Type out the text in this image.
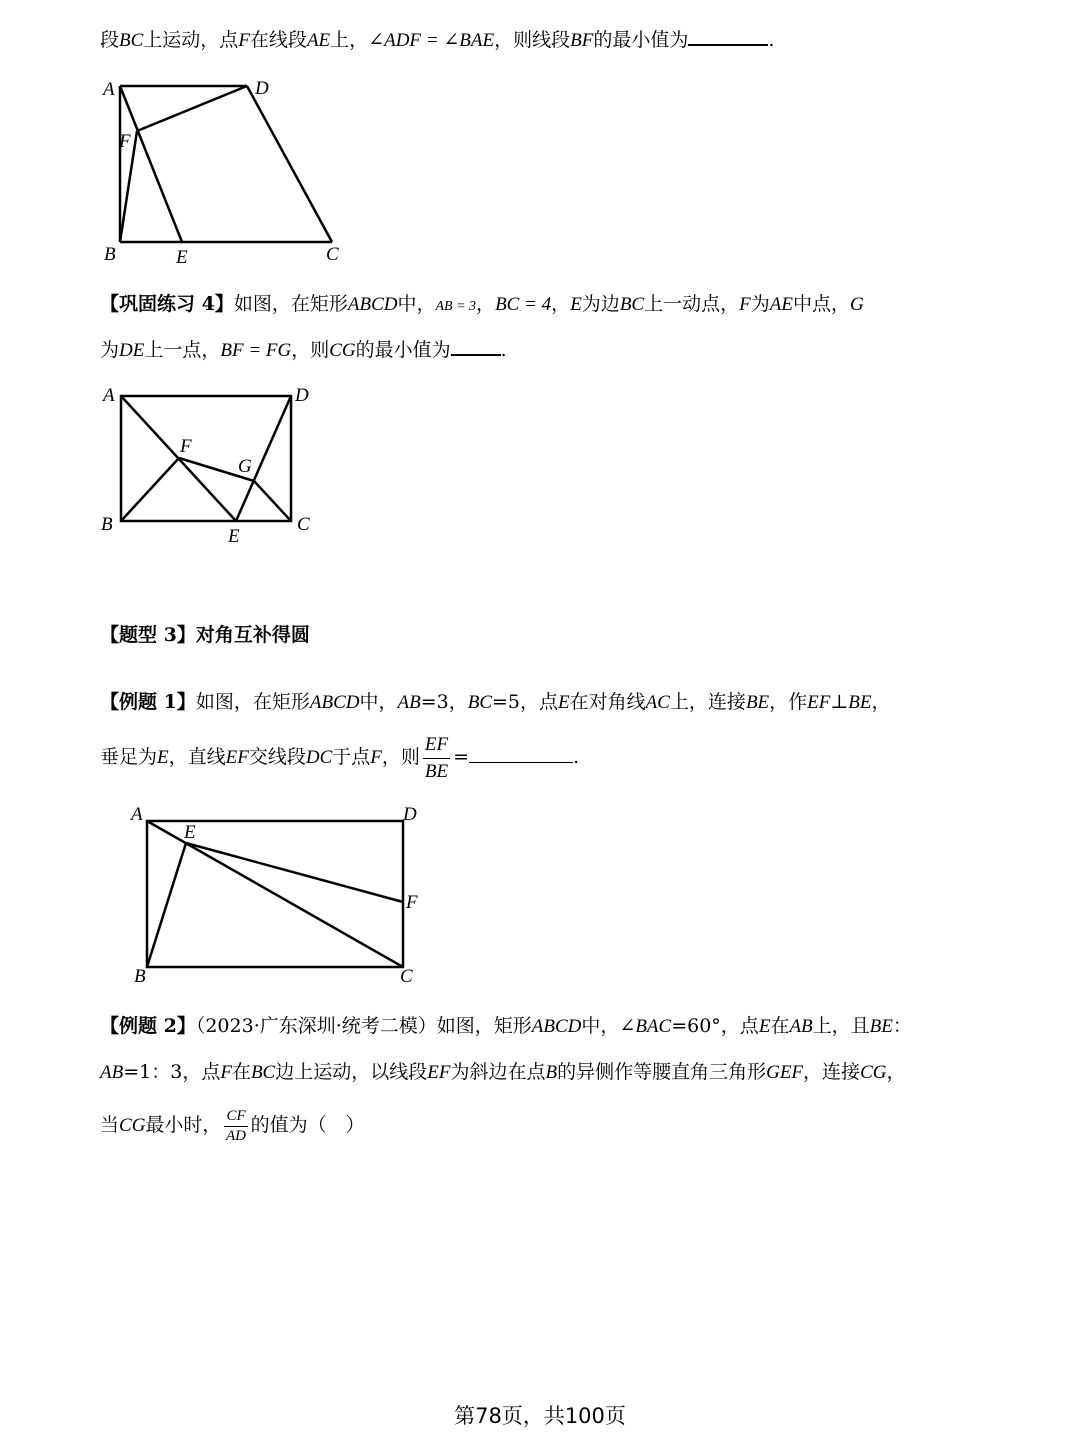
段BC上运动，点F在线段AE上，∠ADF = ∠BAE，则线段BF的最小值为	.
A	D
F
B	E	C
【巩固练习 4】如图，在矩形ABCD中，AB = 3，BC = 4，E为边BC上一动点，F为AE中点，G
为DE上一点，BF = FG，则CG的最小值为	.
A	D
F
G
B
E
C
【题型 3】对角互补得圆
【例题 1】如图，在矩形ABCD中，AB=3，BC=5，点E在对角线AC上，连接BE，作EF⊥BE，
垂足为E，直线EF交线段DC于点F，则 $\frac{EF}{BE}$ =	.
A
E
D
F
B	C
【例题 2】（2023·广东深圳·统考二模）如图，矩形ABCD中，∠BAC=60°，点E在AB上，且BE：
AB=1：3，点F在BC边上运动，以线段EF为斜边在点B的异侧作等腰直角三角形GEF，连接CG，
当CG最小时， $\frac{CF}{AD}$ 的值为（　）
第78页，共100页
